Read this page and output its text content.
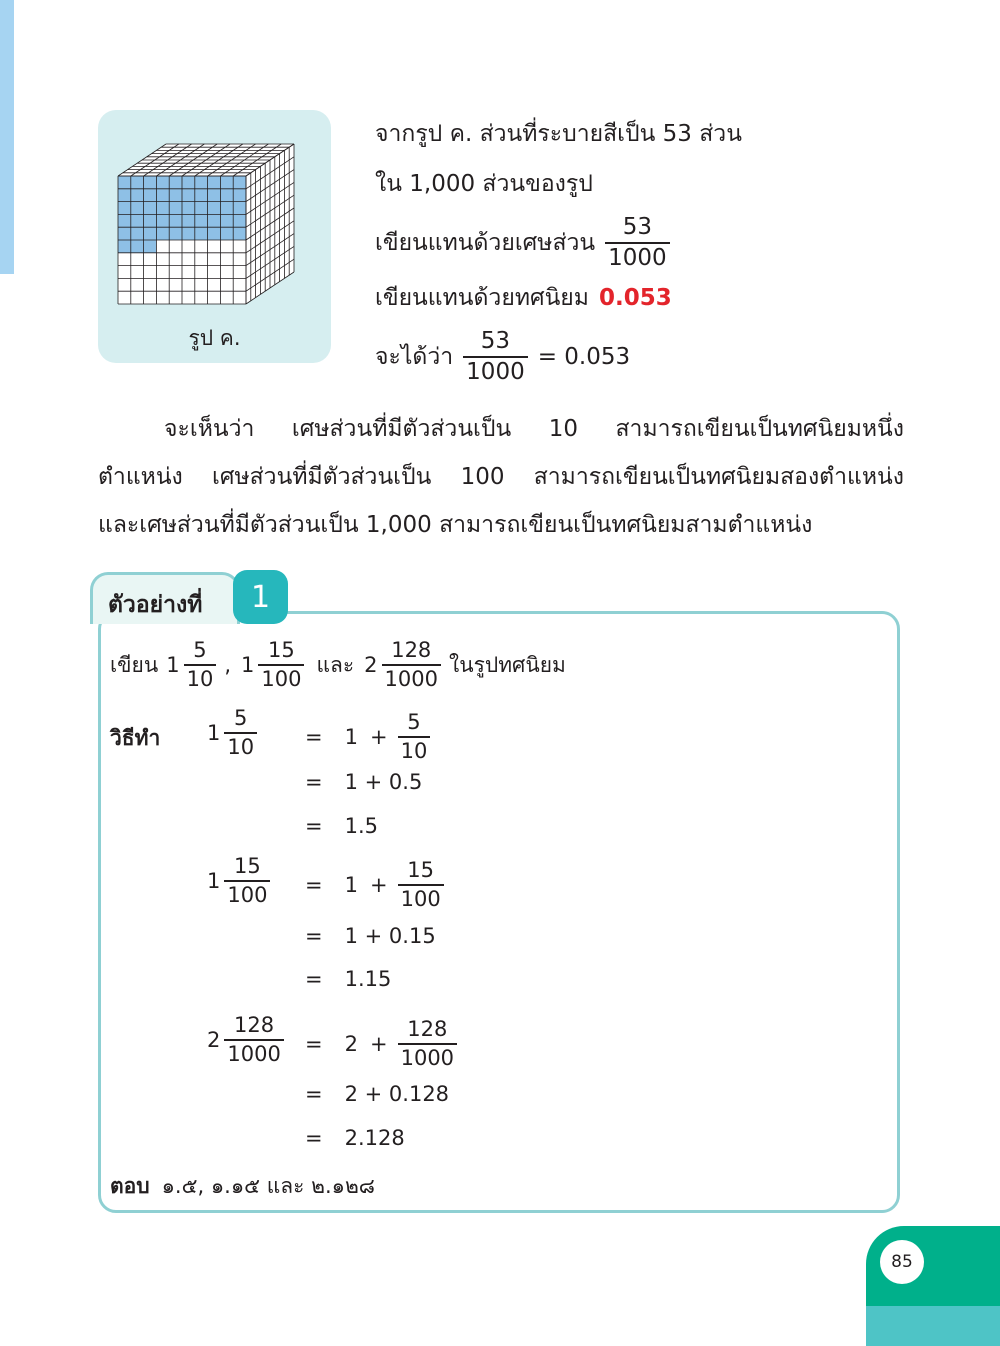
รูป ค.
จากรูป ค. ส่วนที่ระบายสีเป็น 53 ส่วน
ใน 1,000 ส่วนของรูป
เขียนแทนด้วยเศษส่วน $\frac{53}{1000}$
เขียนแทนด้วยทศนิยม 0.053
จะได้ว่า $\frac{53}{1000} = 0.053$
จะเห็นว่า เศษส่วนที่มีตัวส่วนเป็น 10 สามารถเขียนเป็นทศนิยมหนึ่ง
ตำแหน่ง เศษส่วนที่มีตัวส่วนเป็น 100 สามารถเขียนเป็นทศนิยมสองตำแหน่ง
และเศษส่วนที่มีตัวส่วนเป็น 1,000 สามารถเขียนเป็นทศนิยมสามตำแหน่ง
ตัวอย่างที่	1
เขียน $1 \frac{5}{10}$ , $1 \frac{15}{100}$ และ $2 \frac{128}{1000}$ ในรูปทศนิยม
วิธีทำ $1 \frac{5}{10} = 1 + \frac{5}{10}$
= 1 + 0.5
= 1.5
$1 \frac{15}{100} = 1 + \frac{15}{100}$
= 1 + 0.15
= 1.15
$2 \frac{128}{1000} = 2 + \frac{128}{1000}$
= 2 + 0.128
= 2.128
ตอบ ๑.๕, ๑.๑๕ และ ๒.๑๒๘
85
